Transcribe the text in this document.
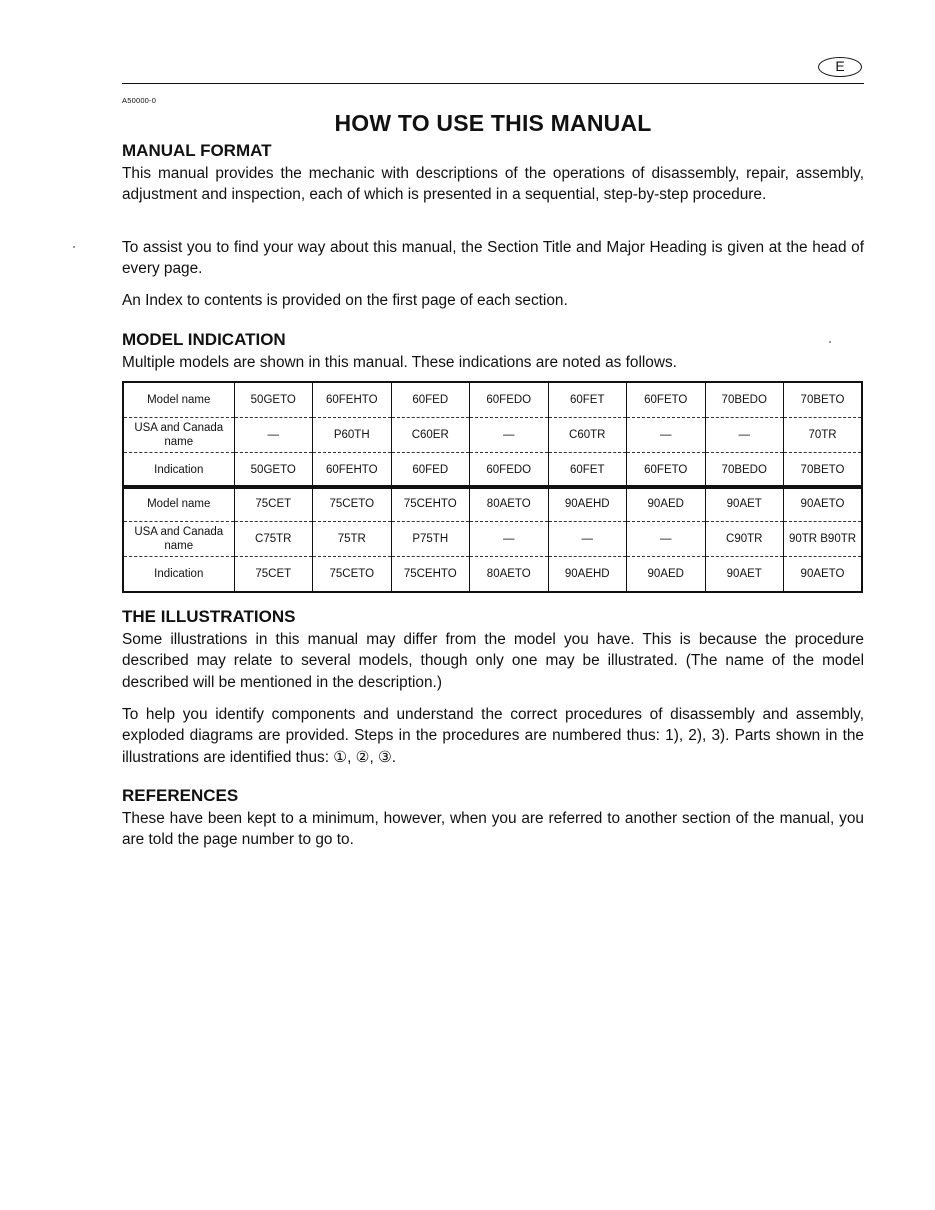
E
A50000-0
HOW TO USE THIS MANUAL
MANUAL FORMAT

This manual provides the mechanic with descriptions of the operations of disassembly, repair, assembly, adjustment and inspection, each of which is presented in a sequential, step-by-step procedure.

To assist you to find your way about this manual, the Section Title and Major Heading is given at the head of every page.

An Index to contents is provided on the first page of each section.

MODEL INDICATION

Multiple models are shown in this manual. These indications are noted as follows.

Model name	50GETO	60FEHTO	60FED	60FEDO	60FET	60FETO	70BEDO	70BETO
USA and Canada name	—	P60TH	C60ER	—	C60TR	—	—	70TR
Indication	50GETO	60FEHTO	60FED	60FEDO	60FET	60FETO	70BEDO	70BETO
Model name	75CET	75CETO	75CEHTO	80AETO	90AEHD	90AED	90AET	90AETO
USA and Canada name	C75TR	75TR	P75TH	—	—	—	C90TR	90TR B90TR
Indication	75CET	75CETO	75CEHTO	80AETO	90AEHD	90AED	90AET	90AETO
THE ILLUSTRATIONS

Some illustrations in this manual may differ from the model you have. This is because the procedure described may relate to several models, though only one may be illustrated. (The name of the model described will be mentioned in the description.)

To help you identify components and understand the correct procedures of disassembly and assembly, exploded diagrams are provided. Steps in the procedures are numbered thus: 1), 2), 3). Parts shown in the illustrations are identified thus: ①, ②, ③.

REFERENCES

These have been kept to a minimum, however, when you are referred to another section of the manual, you are told the page number to go to.
